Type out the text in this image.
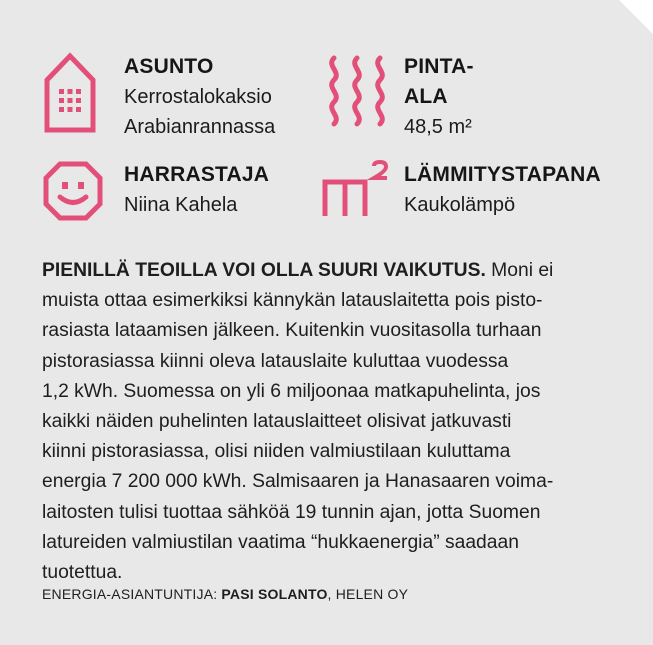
ASUNTO
Kerrostalokaksio
Arabianrannassa
PINTA-ALA
48,5 m²
HARRASTAJA
Niina Kahela
LÄMMITYSTAPANA
Kaukolämpö

PIENILLÄ TEOILLA VOI OLLA SUURI VAIKUTUS. Moni ei
muista ottaa esimerkiksi kännykän latauslaitetta pois pisto-
rasiasta lataamisen jälkeen. Kuitenkin vuositasolla turhaan
pistorasiassa kiinni oleva latauslaite kuluttaa vuodessa
1,2 kWh. Suomessa on yli 6 miljoonaa matkapuhelinta, jos
kaikki näiden puhelinten latauslaitteet olisivat jatkuvasti
kiinni pistorasiassa, olisi niiden valmiustilaan kuluttama
energia 7 200 000 kWh. Salmisaaren ja Hanasaaren voima-
laitosten tulisi tuottaa sähköä 19 tunnin ajan, jotta Suomen
latureiden valmiustilan vaatima “hukkaenergia” saadaan
tuotettua.

ENERGIA-ASIANTUNTIJA: PASI SOLANTO, HELEN OY
